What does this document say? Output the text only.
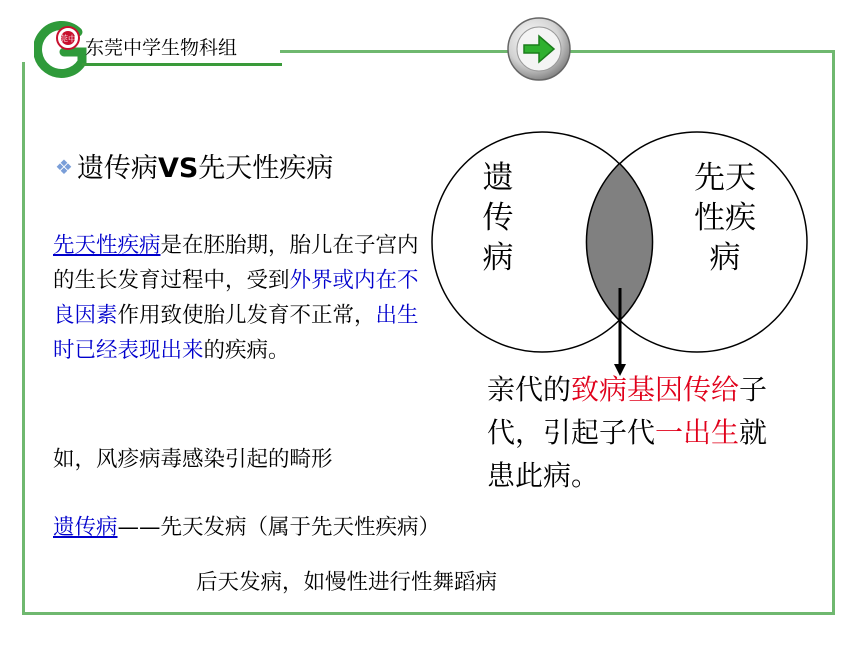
莞中 东莞中学生物科组
❖ 遗传病VS先天性疾病
先天性疾病是在胚胎期，胎儿在子宫内的生长发育过程中，受到外界或内在不良因素作用致使胎儿发育不正常，出生时已经表现出来的疾病。
如，风疹病毒感染引起的畸形
遗传病
先天性疾病
亲代的致病基因传给子代，引起子代一出生就患此病。
遗传病——先天发病（属于先天性疾病）
后天发病，如慢性进行性舞蹈病
